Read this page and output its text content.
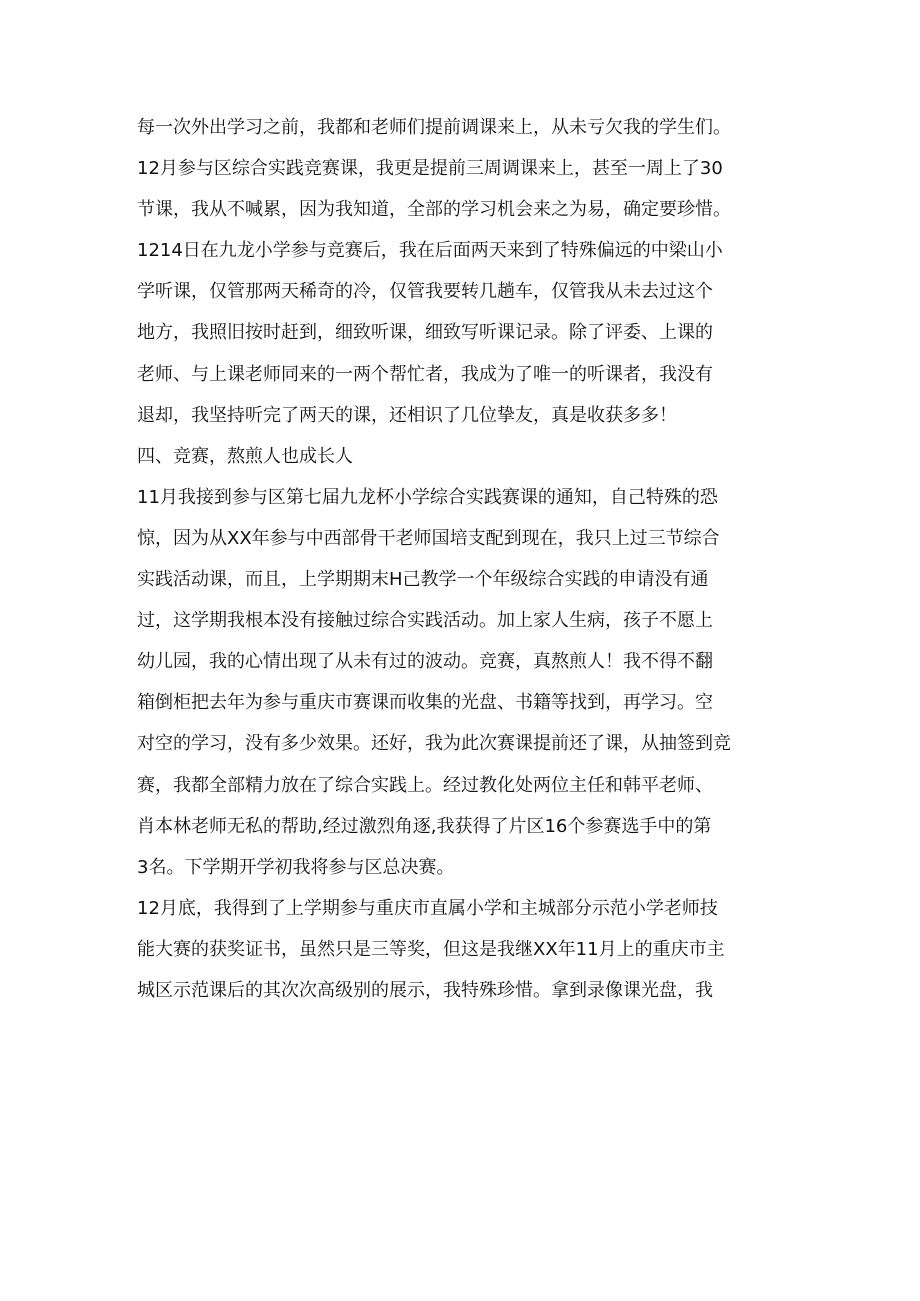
每一次外出学习之前，我都和老师们提前调课来上，从未亏欠我的学生们。
12月参与区综合实践竞赛课，我更是提前三周调课来上，甚至一周上了30
节课，我从不喊累，因为我知道，全部的学习机会来之为易，确定要珍惜。
1214日在九龙小学参与竞赛后，我在后面两天来到了特殊偏远的中梁山小
学听课，仅管那两天稀奇的冷，仅管我要转几趟车，仅管我从未去过这个
地方，我照旧按时赶到，细致听课，细致写听课记录。除了评委、上课的
老师、与上课老师同来的一两个帮忙者，我成为了唯一的听课者，我没有
退却，我坚持听完了两天的课，还相识了几位挚友，真是收获多多！
四、竞赛，熬煎人也成长人
11月我接到参与区第七届九龙杯小学综合实践赛课的通知，自己特殊的恐
惊，因为从XX年参与中西部骨干老师国培支配到现在，我只上过三节综合
实践活动课，而且，上学期期末H己教学一个年级综合实践的申请没有通
过，这学期我根本没有接触过综合实践活动。加上家人生病，孩子不愿上
幼儿园，我的心情出现了从未有过的波动。竞赛，真熬煎人！我不得不翻
箱倒柜把去年为参与重庆市赛课而收集的光盘、书籍等找到，再学习。空
对空的学习，没有多少效果。还好，我为此次赛课提前还了课，从抽签到竞
赛，我都全部精力放在了综合实践上。经过教化处两位主任和韩平老师、
肖本林老师无私的帮助,经过激烈角逐,我获得了片区16个参赛选手中的第
3名。下学期开学初我将参与区总决赛。
12月底，我得到了上学期参与重庆市直属小学和主城部分示范小学老师技
能大赛的获奖证书，虽然只是三等奖，但这是我继XX年11月上的重庆市主
城区示范课后的其次次高级别的展示，我特殊珍惜。拿到录像课光盘，我
